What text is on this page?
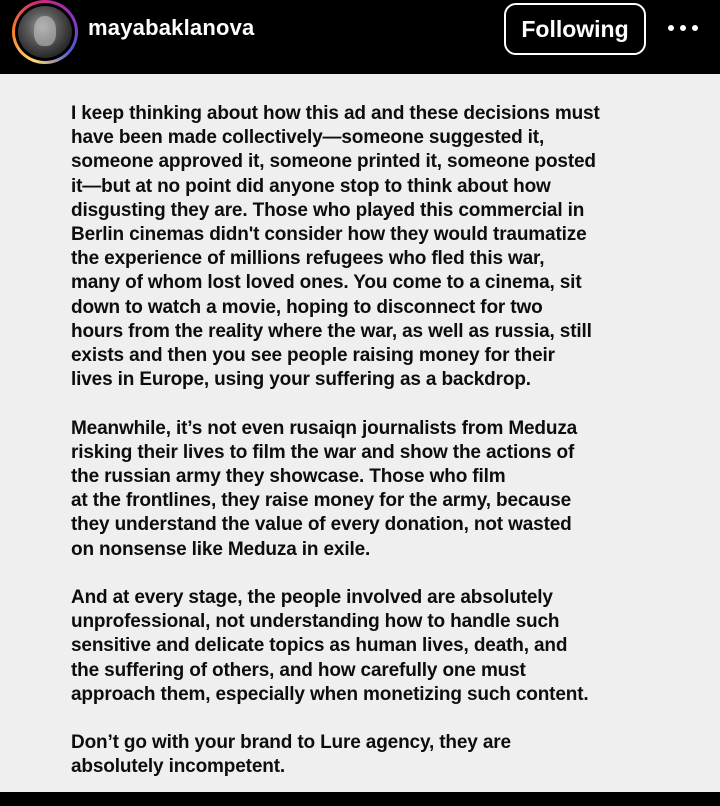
mayabaklanova	Following
I keep thinking about how this ad and these decisions must
have been made collectively—someone suggested it,
someone approved it, someone printed it, someone posted
it—but at no point did anyone stop to think about how
disgusting they are. Those who played this commercial in
Berlin cinemas didn't consider how they would traumatize
the experience of millions refugees who fled this war,
many of whom lost loved ones. You come to a cinema, sit
down to watch a movie, hoping to disconnect for two
hours from the reality where the war, as well as russia, still
exists and then you see people raising money for their
lives in Europe, using your suffering as a backdrop.
Meanwhile, it’s not even rusaiqn journalists from Meduza
risking their lives to film the war and show the actions of
the russian army they showcase. Those who film
at the frontlines, they raise money for the army, because
they understand the value of every donation, not wasted
on nonsense like Meduza in exile.
And at every stage, the people involved are absolutely
unprofessional, not understanding how to handle such
sensitive and delicate topics as human lives, death, and
the suffering of others, and how carefully one must
approach them, especially when monetizing such content.
Don’t go with your brand to Lure agency, they are
absolutely incompetent.
